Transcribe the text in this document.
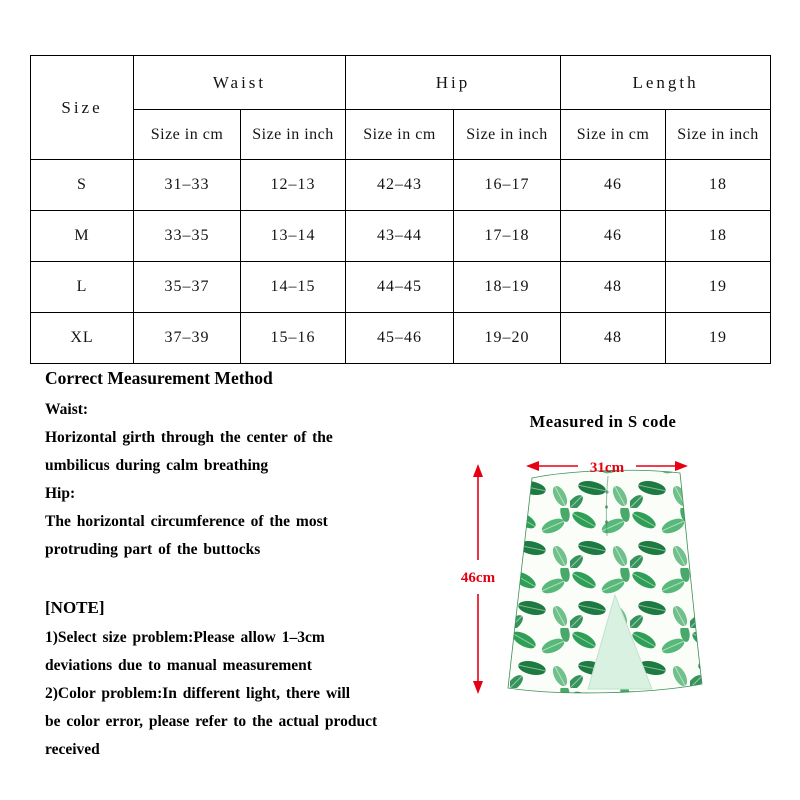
Size	Waist		Hip		Length	
	Size in cm	Size in inch	Size in cm	Size in inch	Size in cm	Size in inch
S	31–33	12–13	42–43	16–17	46	18
M	33–35	13–14	43–44	17–18	46	18
L	35–37	14–15	44–45	18–19	48	19
XL	37–39	15–16	45–46	19–20	48	19

Correct Measurement Method

Waist:

Horizontal girth through the center of the

umbilicus during calm breathing

Hip:

The horizontal circumference of the most

protruding part of the buttocks

[NOTE]

1)Select size problem:Please allow 1–3cm

deviations due to manual measurement

2)Color problem:In different light, there will

be color error, please refer to the actual product

received

Measured in S code
31cm
46cm
